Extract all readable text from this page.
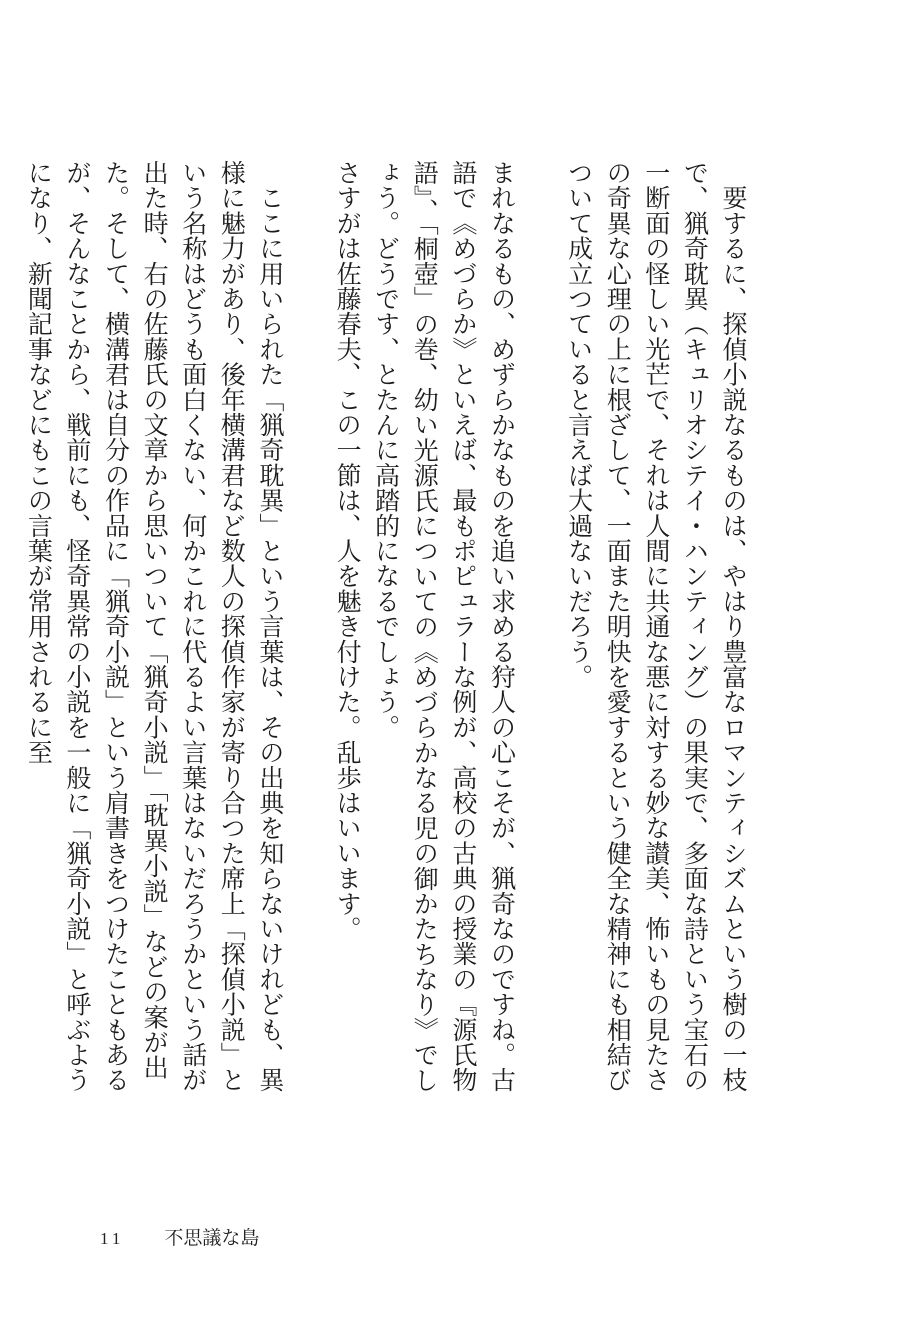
　要するに、探偵小説なるものは、やはり豊富なロマンティシズムという樹の一枝で、猟奇耽異（キュリオシテイ・ハンティング）の果実で、多面な詩という宝石の一断面の怪しい光芒で、それは人間に共通な悪に対する妙な讃美、怖いもの見たさの奇異な心理の上に根ざして、一面また明快を愛するという健全な精神にも相結びついて成立つていると言えば大過ないだろう。

まれなるもの、めずらかなものを追い求める狩人の心こそが、猟奇なのですね。古語で《めづらか》といえば、最もポピュラーな例が、高校の古典の授業の『源氏物語』、「桐壺」の巻、幼い光源氏についての《めづらかなる児の御かたちなり》でしょう。どうです、とたんに高踏的になるでしょう。

さすがは佐藤春夫、この一節は、人を魅き付けた。乱歩はいいます。

　ここに用いられた「猟奇耽異」という言葉は、その出典を知らないけれども、異様に魅力があり、後年横溝君など数人の探偵作家が寄り合つた席上「探偵小説」という名称はどうも面白くない、何かこれに代るよい言葉はないだろうかという話が出た時、右の佐藤氏の文章から思いついて「猟奇小説」「耽異小説」などの案が出た。そして、横溝君は自分の作品に「猟奇小説」という肩書きをつけたこともあるが、そんなことから、戦前にも、怪奇異常の小説を一般に「猟奇小説」と呼ぶようになり、新聞記事などにもこの言葉が常用されるに至

11 不思議な島
